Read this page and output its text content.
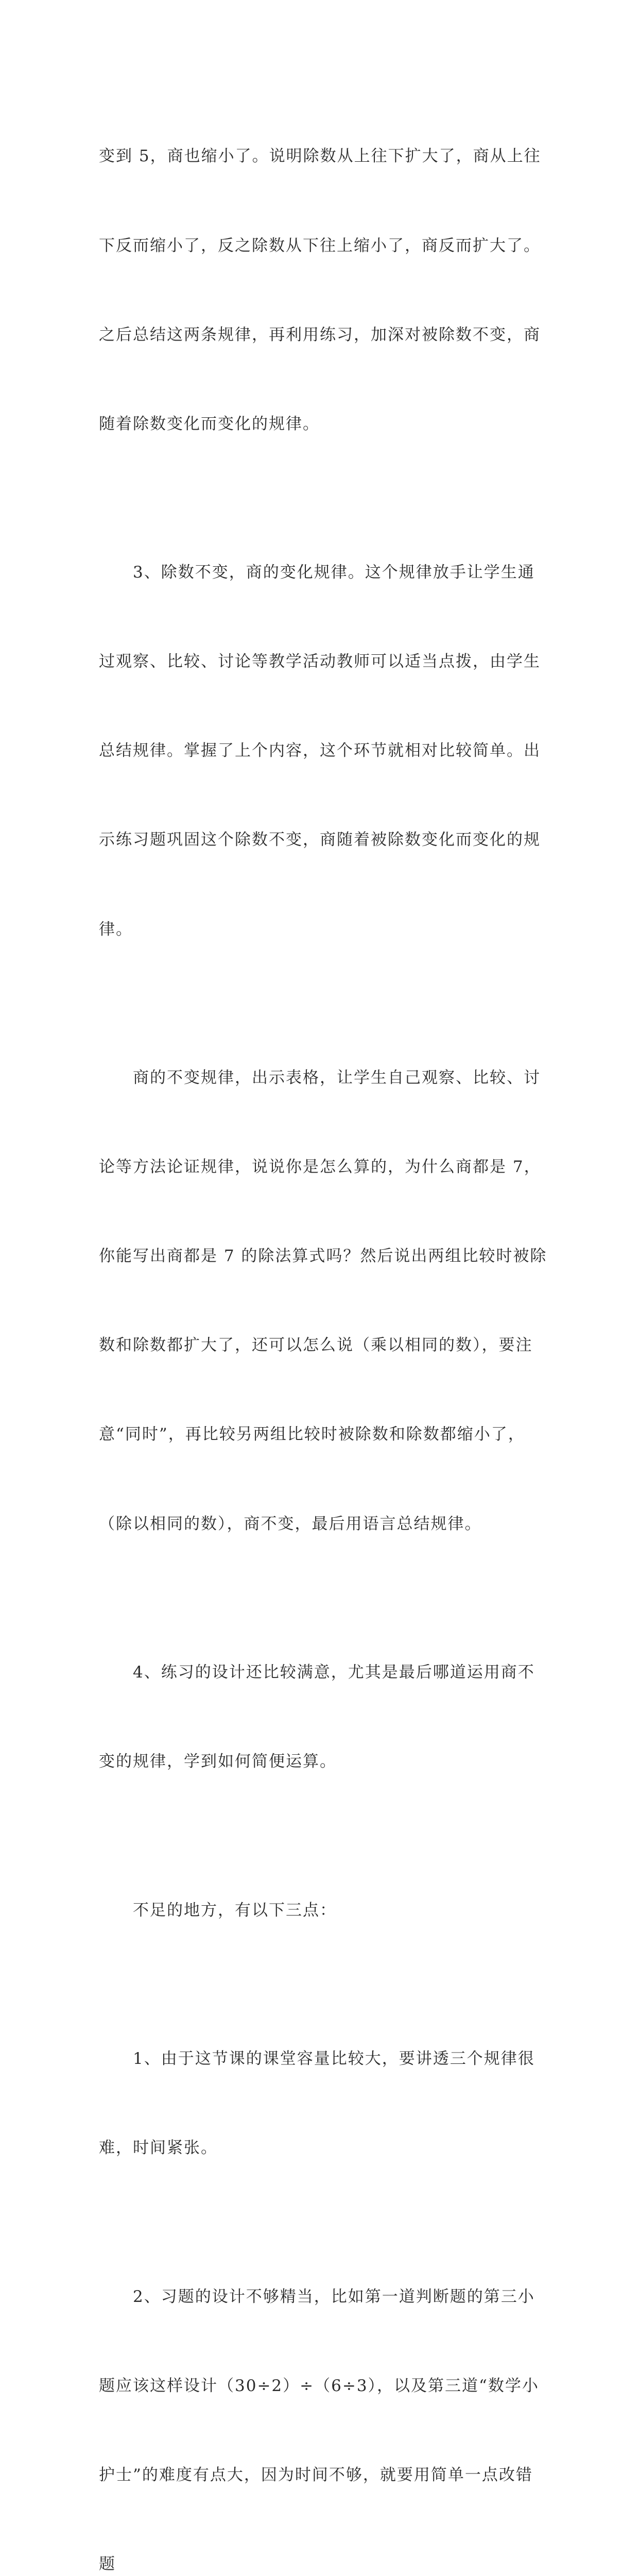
变到 5，商也缩小了。说明除数从上往下扩大了，商从上往

下反而缩小了，反之除数从下往上缩小了，商反而扩大了。

之后总结这两条规律，再利用练习，加深对被除数不变，商

随着除数变化而变化的规律。

　　3、除数不变，商的变化规律。这个规律放手让学生通

过观察、比较、讨论等教学活动教师可以适当点拨，由学生

总结规律。掌握了上个内容，这个环节就相对比较简单。出

示练习题巩固这个除数不变，商随着被除数变化而变化的规

律。

　　商的不变规律，出示表格，让学生自己观察、比较、讨

论等方法论证规律，说说你是怎么算的，为什么商都是 7，

你能写出商都是 7 的除法算式吗？然后说出两组比较时被除

数和除数都扩大了，还可以怎么说（乘以相同的数），要注

意“同时”，再比较另两组比较时被除数和除数都缩小了，

（除以相同的数），商不变，最后用语言总结规律。

　　4、练习的设计还比较满意，尤其是最后哪道运用商不

变的规律，学到如何简便运算。

　　不足的地方，有以下三点：

　　1、由于这节课的课堂容量比较大，要讲透三个规律很

难，时间紧张。

　　2、习题的设计不够精当，比如第一道判断题的第三小

题应该这样设计（30÷2）÷（6÷3），以及第三道“数学小

护士”的难度有点大，因为时间不够，就要用简单一点改错

题
